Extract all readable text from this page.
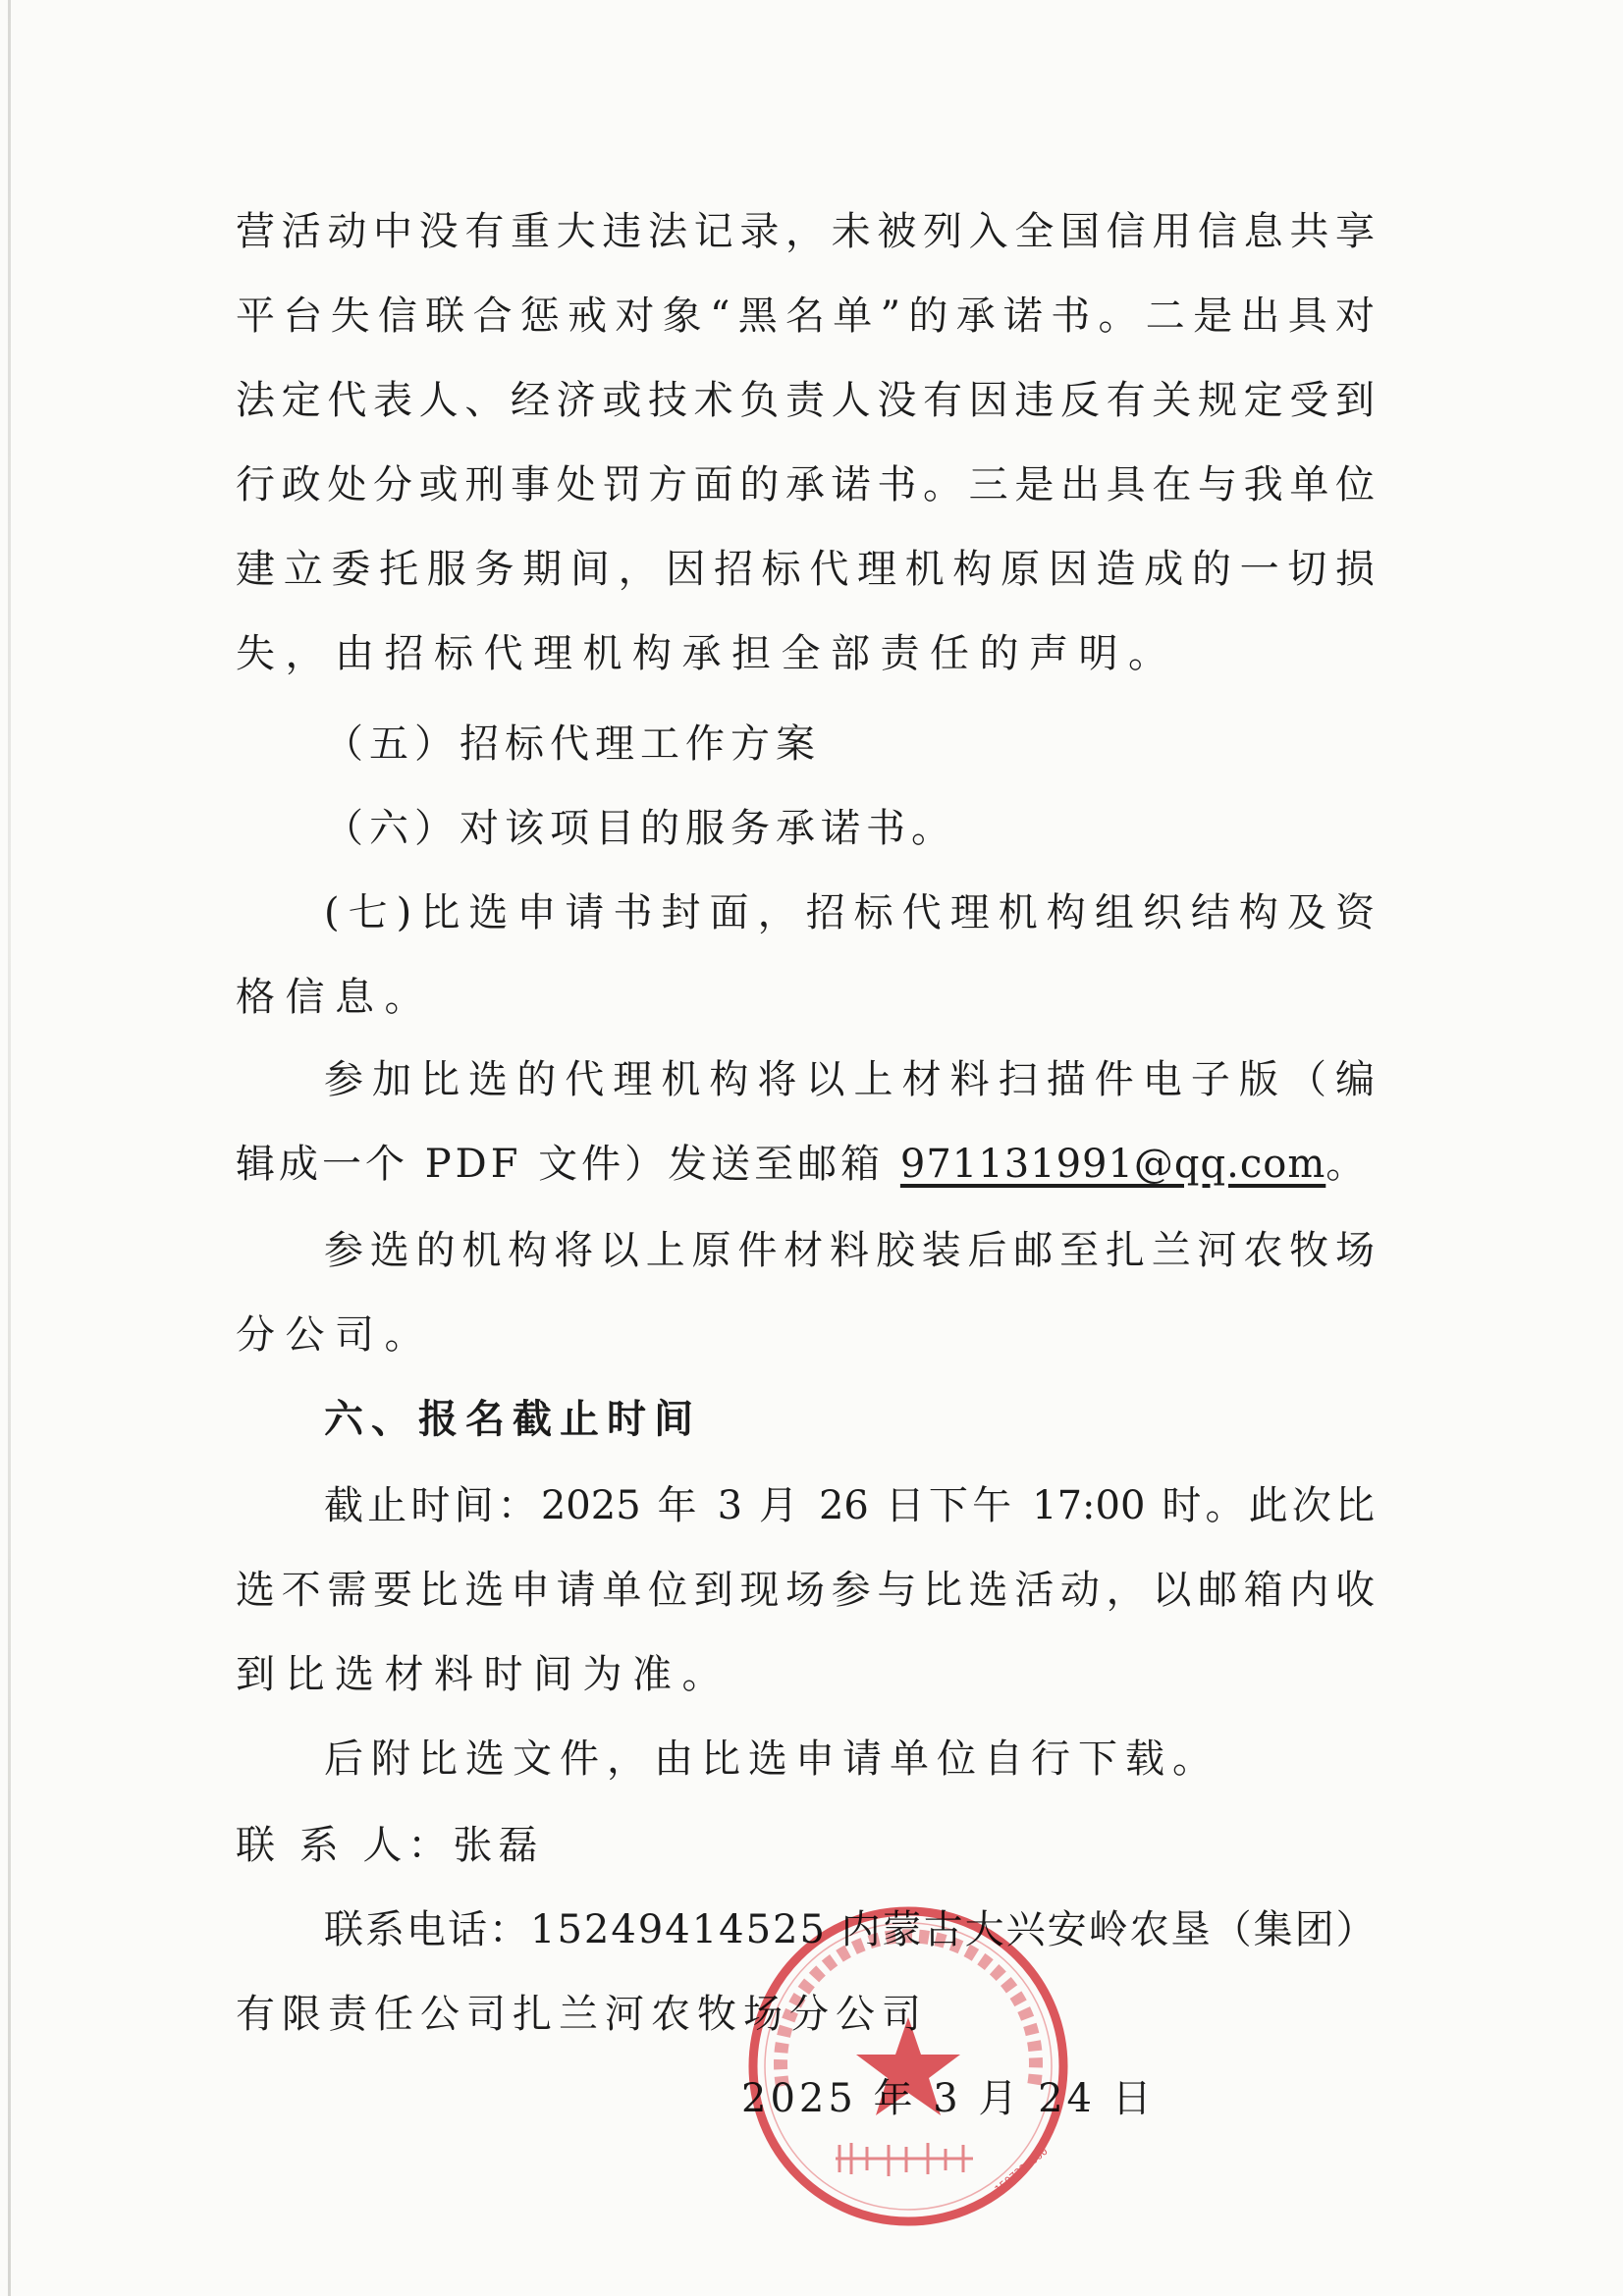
营活动中没有重大违法记录，未被列入全国信用信息共享
平台失信联合惩戒对象“黑名单”的承诺书。二是出具对
法定代表人、经济或技术负责人没有因违反有关规定受到
行政处分或刑事处罚方面的承诺书。三是出具在与我单位
建立委托服务期间，因招标代理机构原因造成的一切损
失，由招标代理机构承担全部责任的声明。
（五）招标代理工作方案
（六）对该项目的服务承诺书。
(七)比选申请书封面，招标代理机构组织结构及资
格信息。
参加比选的代理机构将以上材料扫描件电子版（编
辑成一个 PDF 文件）发送至邮箱 971131991@qq.com。
参选的机构将以上原件材料胶装后邮至扎兰河农牧场
分公司。
六、报名截止时间
截止时间：2025 年 3 月 26 日下午 17:00 时。此次比
选不需要比选申请单位到现场参与比选活动，以邮箱内收
到比选材料时间为准。
后附比选文件，由比选申请单位自行下载。
联 系 人：张磊
联系电话：15249414525 内蒙古大兴安岭农垦（集团）
有限责任公司扎兰河农牧场分公司
2025 年 3 月 24 日
1507231000
